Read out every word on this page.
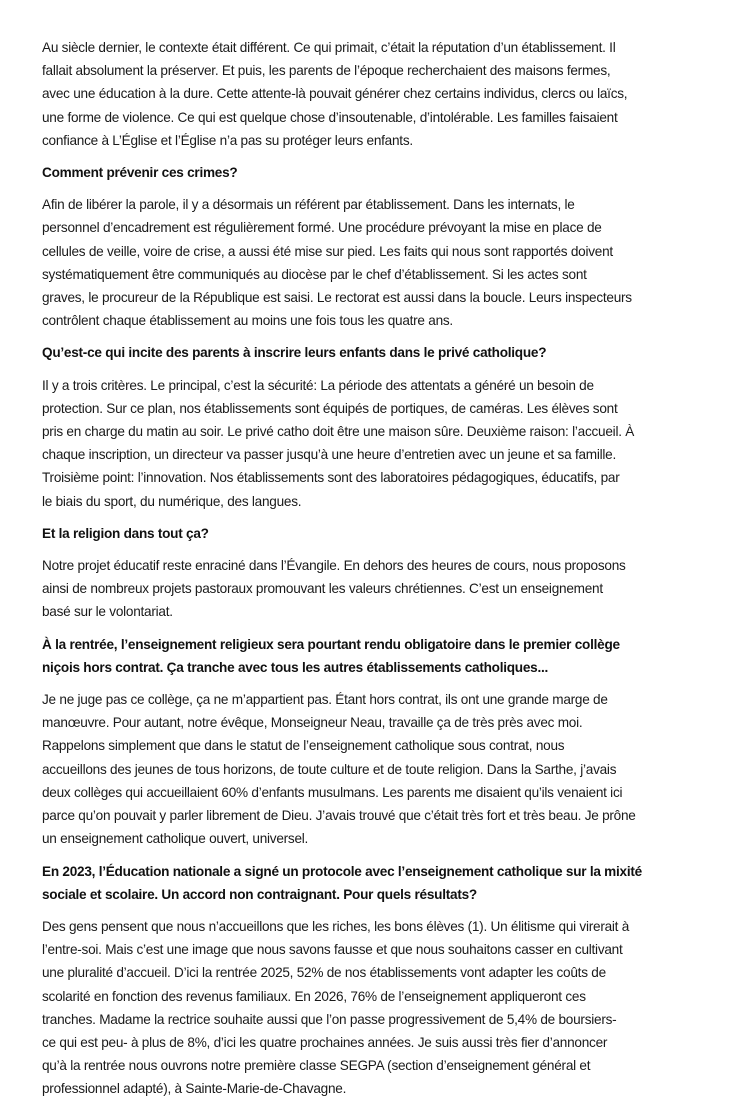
Au siècle dernier, le contexte était différent. Ce qui primait, c’était la réputation d’un établissement. Il
fallait absolument la préserver. Et puis, les parents de l’époque recherchaient des maisons fermes,
avec une éducation à la dure. Cette attente-là pouvait générer chez certains individus, clercs ou laïcs,
une forme de violence. Ce qui est quelque chose d’insoutenable, d’intolérable. Les familles faisaient
confiance à L’Église et l’Église n’a pas su protéger leurs enfants.
Comment prévenir ces crimes?
Afin de libérer la parole, il y a désormais un référent par établissement. Dans les internats, le
personnel d’encadrement est régulièrement formé. Une procédure prévoyant la mise en place de
cellules de veille, voire de crise, a aussi été mise sur pied. Les faits qui nous sont rapportés doivent
systématiquement être communiqués au diocèse par le chef d’établissement. Si les actes sont
graves, le procureur de la République est saisi. Le rectorat est aussi dans la boucle. Leurs inspecteurs
contrôlent chaque établissement au moins une fois tous les quatre ans.
Qu’est-ce qui incite des parents à inscrire leurs enfants dans le privé catholique?
Il y a trois critères. Le principal, c’est la sécurité: La période des attentats a généré un besoin de
protection. Sur ce plan, nos établissements sont équipés de portiques, de caméras. Les élèves sont
pris en charge du matin au soir. Le privé catho doit être une maison sûre. Deuxième raison: l’accueil. À
chaque inscription, un directeur va passer jusqu’à une heure d’entretien avec un jeune et sa famille.
Troisième point: l’innovation. Nos établissements sont des laboratoires pédagogiques, éducatifs, par
le biais du sport, du numérique, des langues.
Et la religion dans tout ça?
Notre projet éducatif reste enraciné dans l’Évangile. En dehors des heures de cours, nous proposons
ainsi de nombreux projets pastoraux promouvant les valeurs chrétiennes. C’est un enseignement
basé sur le volontariat.
À la rentrée, l’enseignement religieux sera pourtant rendu obligatoire dans le premier collège
niçois hors contrat. Ça tranche avec tous les autres établissements catholiques...
Je ne juge pas ce collège, ça ne m’appartient pas. Étant hors contrat, ils ont une grande marge de
manœuvre. Pour autant, notre évêque, Monseigneur Neau, travaille ça de très près avec moi.
Rappelons simplement que dans le statut de l’enseignement catholique sous contrat, nous
accueillons des jeunes de tous horizons, de toute culture et de toute religion. Dans la Sarthe, j’avais
deux collèges qui accueillaient 60% d’enfants musulmans. Les parents me disaient qu’ils venaient ici
parce qu’on pouvait y parler librement de Dieu. J’avais trouvé que c’était très fort et très beau. Je prône
un enseignement catholique ouvert, universel.
En 2023, l’Éducation nationale a signé un protocole avec l’enseignement catholique sur la mixité
sociale et scolaire. Un accord non contraignant. Pour quels résultats?
Des gens pensent que nous n’accueillons que les riches, les bons élèves (1). Un élitisme qui virerait à
l’entre-soi. Mais c’est une image que nous savons fausse et que nous souhaitons casser en cultivant
une pluralité d’accueil. D’ici la rentrée 2025, 52% de nos établissements vont adapter les coûts de
scolarité en fonction des revenus familiaux. En 2026, 76% de l’enseignement appliqueront ces
tranches. Madame la rectrice souhaite aussi que l’on passe progressivement de 5,4% de boursiers-
ce qui est peu- à plus de 8%, d’ici les quatre prochaines années. Je suis aussi très fier d’annoncer
qu’à la rentrée nous ouvrons notre première classe SEGPA (section d’enseignement général et
professionnel adapté), à Sainte-Marie-de-Chavagne.
